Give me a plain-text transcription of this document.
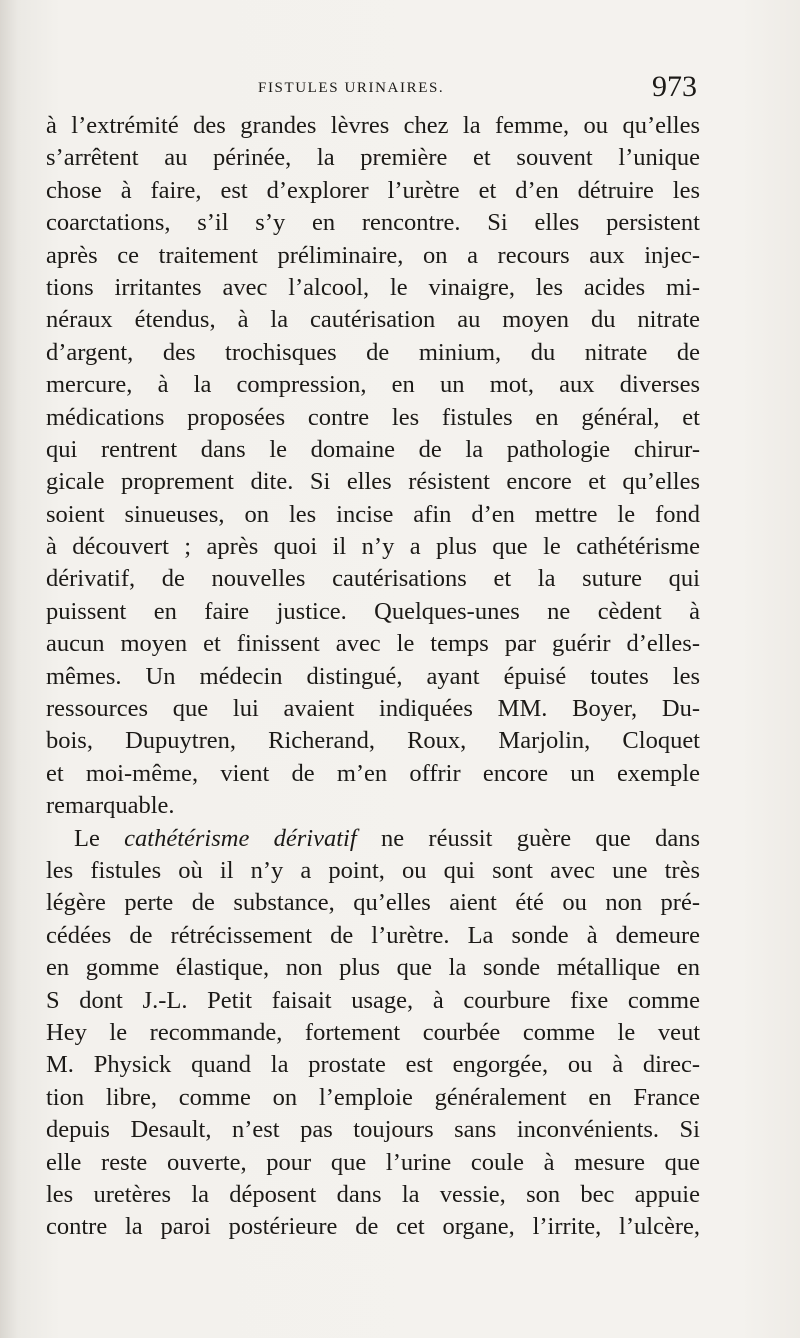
FISTULES URINAIRES.	973
à l’extrémité des grandes lèvres chez la femme, ou qu’elles
s’arrêtent au périnée, la première et souvent l’unique
chose à faire, est d’explorer l’urètre et d’en détruire les
coarctations, s’il s’y en rencontre. Si elles persistent
après ce traitement préliminaire, on a recours aux injec-
tions irritantes avec l’alcool, le vinaigre, les acides mi-
néraux étendus, à la cautérisation au moyen du nitrate
d’argent, des trochisques de minium, du nitrate de
mercure, à la compression, en un mot, aux diverses
médications proposées contre les fistules en général, et
qui rentrent dans le domaine de la pathologie chirur-
gicale proprement dite. Si elles résistent encore et qu’elles
soient sinueuses, on les incise afin d’en mettre le fond
à découvert ; après quoi il n’y a plus que le cathétérisme
dérivatif, de nouvelles cautérisations et la suture qui
puissent en faire justice. Quelques-unes ne cèdent à
aucun moyen et finissent avec le temps par guérir d’elles-
mêmes. Un médecin distingué, ayant épuisé toutes les
ressources que lui avaient indiquées MM. Boyer, Du-
bois, Dupuytren, Richerand, Roux, Marjolin, Cloquet
et moi-même, vient de m’en offrir encore un exemple
remarquable.
Le cathétérisme dérivatif ne réussit guère que dans
les fistules où il n’y a point, ou qui sont avec une très
légère perte de substance, qu’elles aient été ou non pré-
cédées de rétrécissement de l’urètre. La sonde à demeure
en gomme élastique, non plus que la sonde métallique en
S dont J.-L. Petit faisait usage, à courbure fixe comme
Hey le recommande, fortement courbée comme le veut
M. Physick quand la prostate est engorgée, ou à direc-
tion libre, comme on l’emploie généralement en France
depuis Desault, n’est pas toujours sans inconvénients. Si
elle reste ouverte, pour que l’urine coule à mesure que
les uretères la déposent dans la vessie, son bec appuie
contre la paroi postérieure de cet organe, l’irrite, l’ulcère,
